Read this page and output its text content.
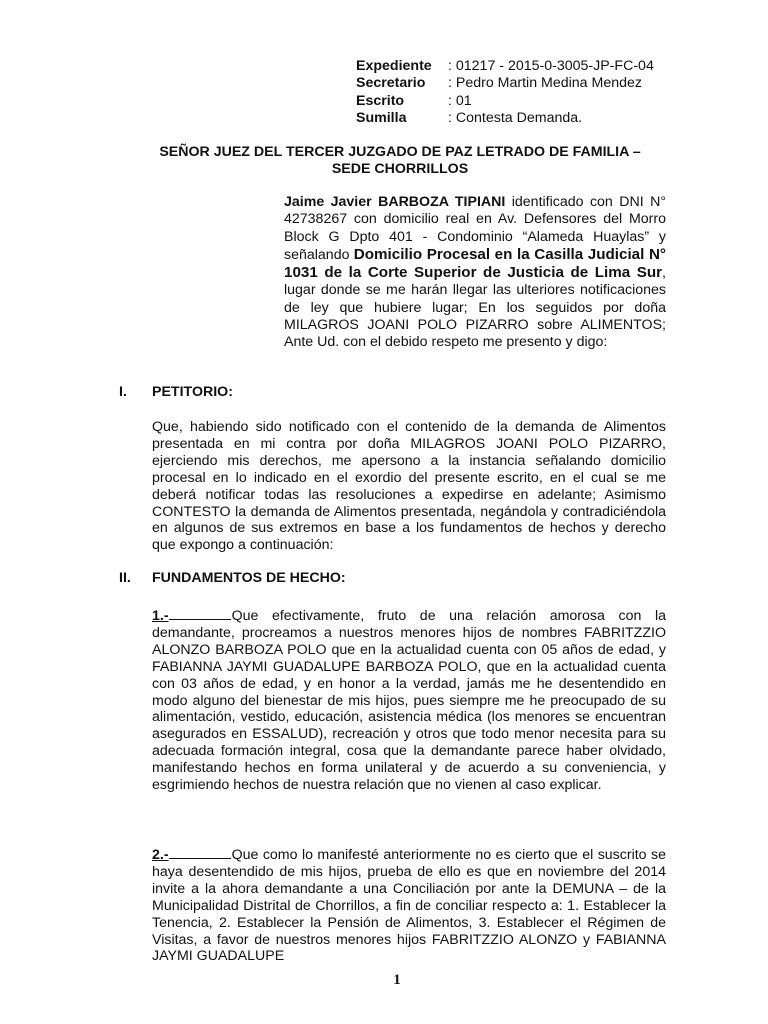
Expediente	: 01217 - 2015-0-3005-JP-FC-04
Secretario	: Pedro Martin Medina Mendez
Escrito	: 01
Sumilla	: Contesta Demanda.
SEÑOR JUEZ DEL TERCER JUZGADO DE PAZ LETRADO DE FAMILIA –
SEDE CHORRILLOS
Jaime Javier BARBOZA TIPIANI identificado con DNI N° 42738267 con domicilio real en Av. Defensores del Morro Block G Dpto 401 - Condominio “Alameda Huaylas” y señalando Domicilio Procesal en la Casilla Judicial N° 1031 de la Corte Superior de Justicia de Lima Sur, lugar donde se me harán llegar las ulteriores notificaciones de ley que hubiere lugar; En los seguidos por doña MILAGROS JOANI POLO PIZARRO sobre ALIMENTOS; Ante Ud. con el debido respeto me presento y digo:
I. PETITORIO:
Que, habiendo sido notificado con el contenido de la demanda de Alimentos presentada en mi contra por doña MILAGROS JOANI POLO PIZARRO, ejerciendo mis derechos, me apersono a la instancia señalando domicilio procesal en lo indicado en el exordio del presente escrito, en el cual se me deberá notificar todas las resoluciones a expedirse en adelante; Asimismo CONTESTO la demanda de Alimentos presentada, negándola y contradiciéndola en algunos de sus extremos en base a los fundamentos de hechos y derecho que expongo a continuación:
II. FUNDAMENTOS DE HECHO:
1.-	Que efectivamente, fruto de una relación amorosa con la demandante, procreamos a nuestros menores hijos de nombres FABRITZZIO ALONZO BARBOZA POLO que en la actualidad cuenta con 05 años de edad, y FABIANNA JAYMI GUADALUPE BARBOZA POLO, que en la actualidad cuenta con 03 años de edad, y en honor a la verdad, jamás me he desentendido en modo alguno del bienestar de mis hijos, pues siempre me he preocupado de su alimentación, vestido, educación, asistencia médica (los menores se encuentran asegurados en ESSALUD), recreación y otros que todo menor necesita para su adecuada formación integral, cosa que la demandante parece haber olvidado, manifestando hechos en forma unilateral y de acuerdo a su conveniencia, y esgrimiendo hechos de nuestra relación que no vienen al caso explicar.
2.-	Que como lo manifesté anteriormente no es cierto que el suscrito se haya desentendido de mis hijos, prueba de ello es que en noviembre del 2014 invite a la ahora demandante a una Conciliación por ante la DEMUNA – de la Municipalidad Distrital de Chorrillos, a fin de conciliar respecto a: 1. Establecer la Tenencia, 2. Establecer la Pensión de Alimentos, 3. Establecer el Régimen de Visitas, a favor de nuestros menores hijos FABRITZZIO ALONZO y FABIANNA JAYMI GUADALUPE
1
